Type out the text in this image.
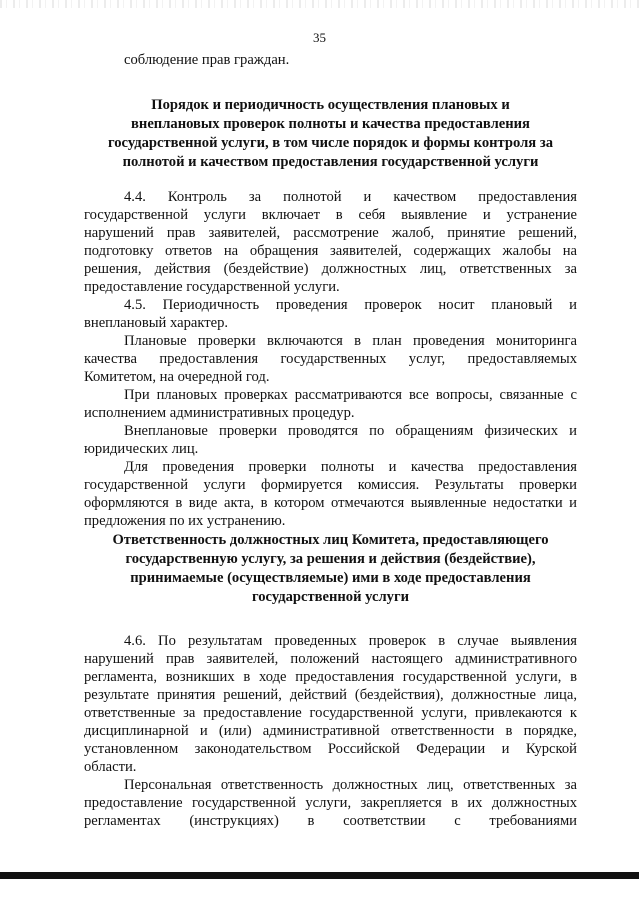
35
соблюдение прав граждан.
Порядок и периодичность осуществления плановых и
внеплановых проверок полноты и качества предоставления
государственной услуги, в том числе порядок и формы контроля за
полнотой и качеством предоставления государственной услуги
4.4. Контроль за полнотой и качеством предоставления
государственной услуги включает в себя выявление и устранение
нарушений прав заявителей, рассмотрение жалоб, принятие решений,
подготовку ответов на обращения заявителей, содержащих жалобы на
решения, действия (бездействие) должностных лиц, ответственных за
предоставление государственной услуги.
4.5. Периодичность проведения проверок носит плановый и
внеплановый характер.
Плановые проверки включаются в план проведения мониторинга
качества предоставления государственных услуг, предоставляемых
Комитетом, на очередной год.
При плановых проверках рассматриваются все вопросы, связанные с
исполнением административных процедур.
Внеплановые проверки проводятся по обращениям физических и
юридических лиц.
Для проведения проверки полноты и качества предоставления
государственной услуги формируется комиссия. Результаты проверки
оформляются в виде акта, в котором отмечаются выявленные недостатки и
предложения по их устранению.
Ответственность должностных лиц Комитета, предоставляющего
государственную услугу, за решения и действия (бездействие),
принимаемые (осуществляемые) ими в ходе предоставления
государственной услуги
4.6. По результатам проведенных проверок в случае выявления
нарушений прав заявителей, положений настоящего административного
регламента, возникших в ходе предоставления государственной услуги, в
результате принятия решений, действий (бездействия), должностные лица,
ответственные за предоставление государственной услуги, привлекаются к
дисциплинарной и (или) административной ответственности в порядке,
установленном законодательством Российской Федерации и Курской
области.
Персональная ответственность должностных лиц, ответственных за
предоставление государственной услуги, закрепляется в их должностных
регламентах (инструкциях) в соответствии с требованиями
